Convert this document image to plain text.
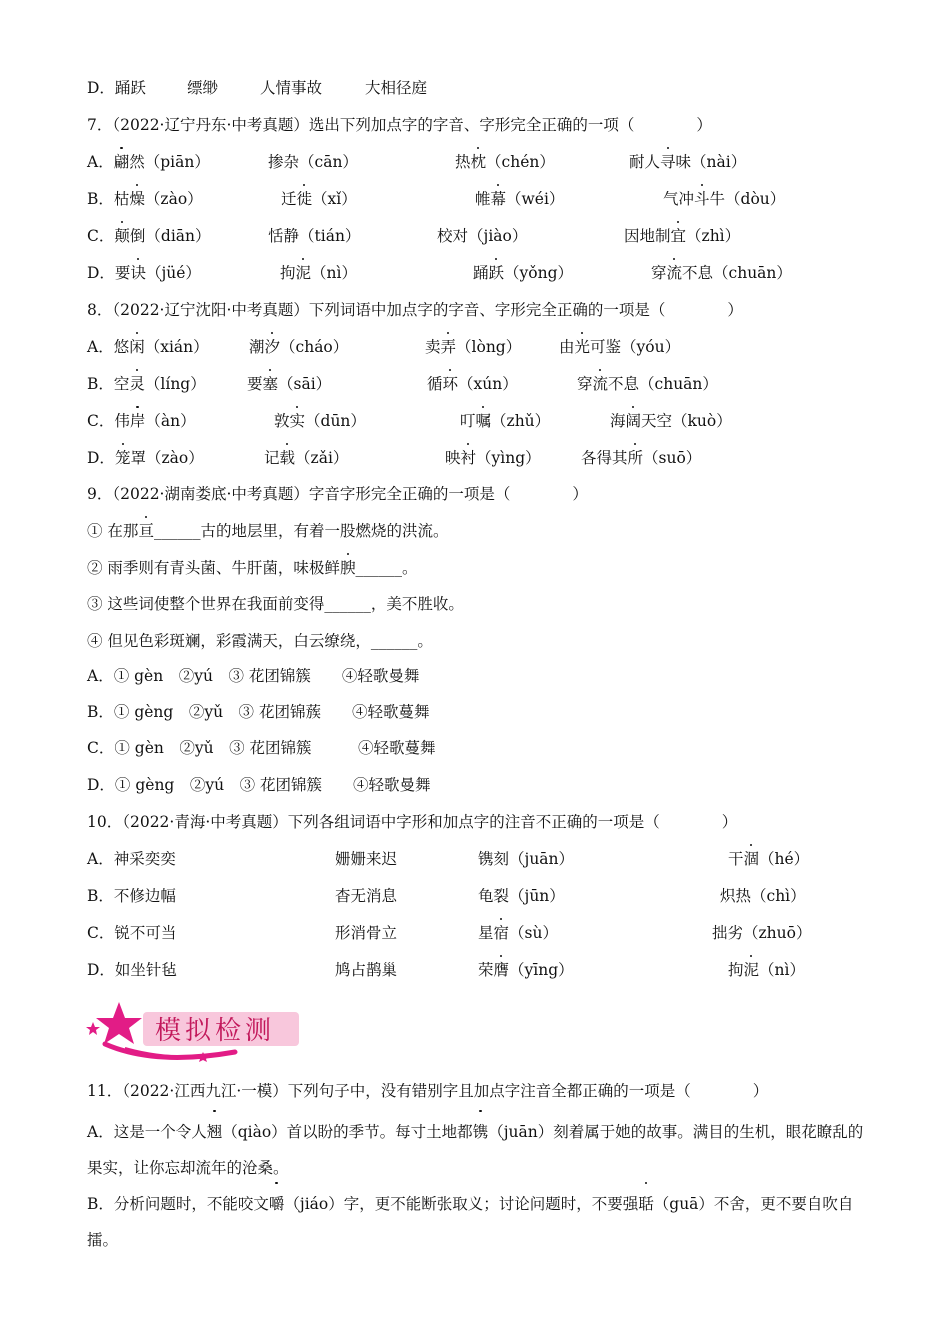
D．踊跃	缥缈	人情事故	大相径庭
7．（2022·辽宁丹东·中考真题）选出下列加点字的字音、字形完全正确的一项（　　　　）
A．翩然（piān）	掺杂（cān）	热枕（chén）	耐人寻味（nài）
B．枯燥（zào）	迁徙（xǐ）	帷幕（wéi）	气冲斗牛（dòu）
C．颠倒（diān）	恬静（tián）	校对（jiào）	因地制宜（zhì）
D．要诀（jüé）	拘泥（nì）	踊跃（yǒng）	穿流不息（chuān）
8．（2022·辽宁沈阳·中考真题）下列词语中加点字的字音、字形完全正确的一项是（　　　　）
A．悠闲（xián）	潮汐（cháo）	卖弄（lòng） 由光可鉴（yóu）
B．空灵（líng）	要塞（sāi）	循环（xún）	穿流不息（chuān）
C．伟岸（àn）	敦实（dūn）	叮嘱（zhǔ）	海阔天空（kuò）
D．笼罩（zào）	记载（zǎi）	映衬（yìng）	各得其所（suō）
9．（2022·湖南娄底·中考真题）字音字形完全正确的一项是（　　　　）
① 在那亘______古的地层里，有着一股燃烧的洪流。
② 雨季则有青头菌、牛肝菌，味极鲜腴______。
③ 这些词使整个世界在我面前变得______，美不胜收。
④ 但见色彩斑斓，彩霞满天，白云缭绕，______。
A．① gèn　②yú　③ 花团锦簇　　④轻歌曼舞
B．① gèng　②yǔ　③ 花团锦蔟　　④轻歌蔓舞
C．① gèn　②yǔ　③ 花团锦簇　　　④轻歌蔓舞
D．① gèng　②yú　③ 花团锦簇　　④轻歌曼舞
10．（2022·青海·中考真题）下列各组词语中字形和加点字的注音不正确的一项是（　　　　）
A．神采奕奕	姗姗来迟	镌刻（juān）	干涸（hé）
B．不修边幅	杳无消息	龟裂（jūn）	炽热（chì）
C．锐不可当	形消骨立	星宿（sù）	拙劣（zhuō）
D．如坐针毡	鸠占鹊巢	荣膺（yīng）	拘泥（nì）
11．（2022·江西九江·一模）下列句子中，没有错别字且加点字注音全都正确的一项是（　　　　）
模拟检测
A．这是一个令人翘（qiào）首以盼的季节。每寸土地都镌（juān）刻着属于她的故事。满目的生机，眼花瞭乱的果实，让你忘却流年的沧桑。
B．分析问题时，不能咬文嚼（jiáo）字，更不能断张取义；讨论问题时，不要强聒（guā）不舍，更不要自吹自擂。
